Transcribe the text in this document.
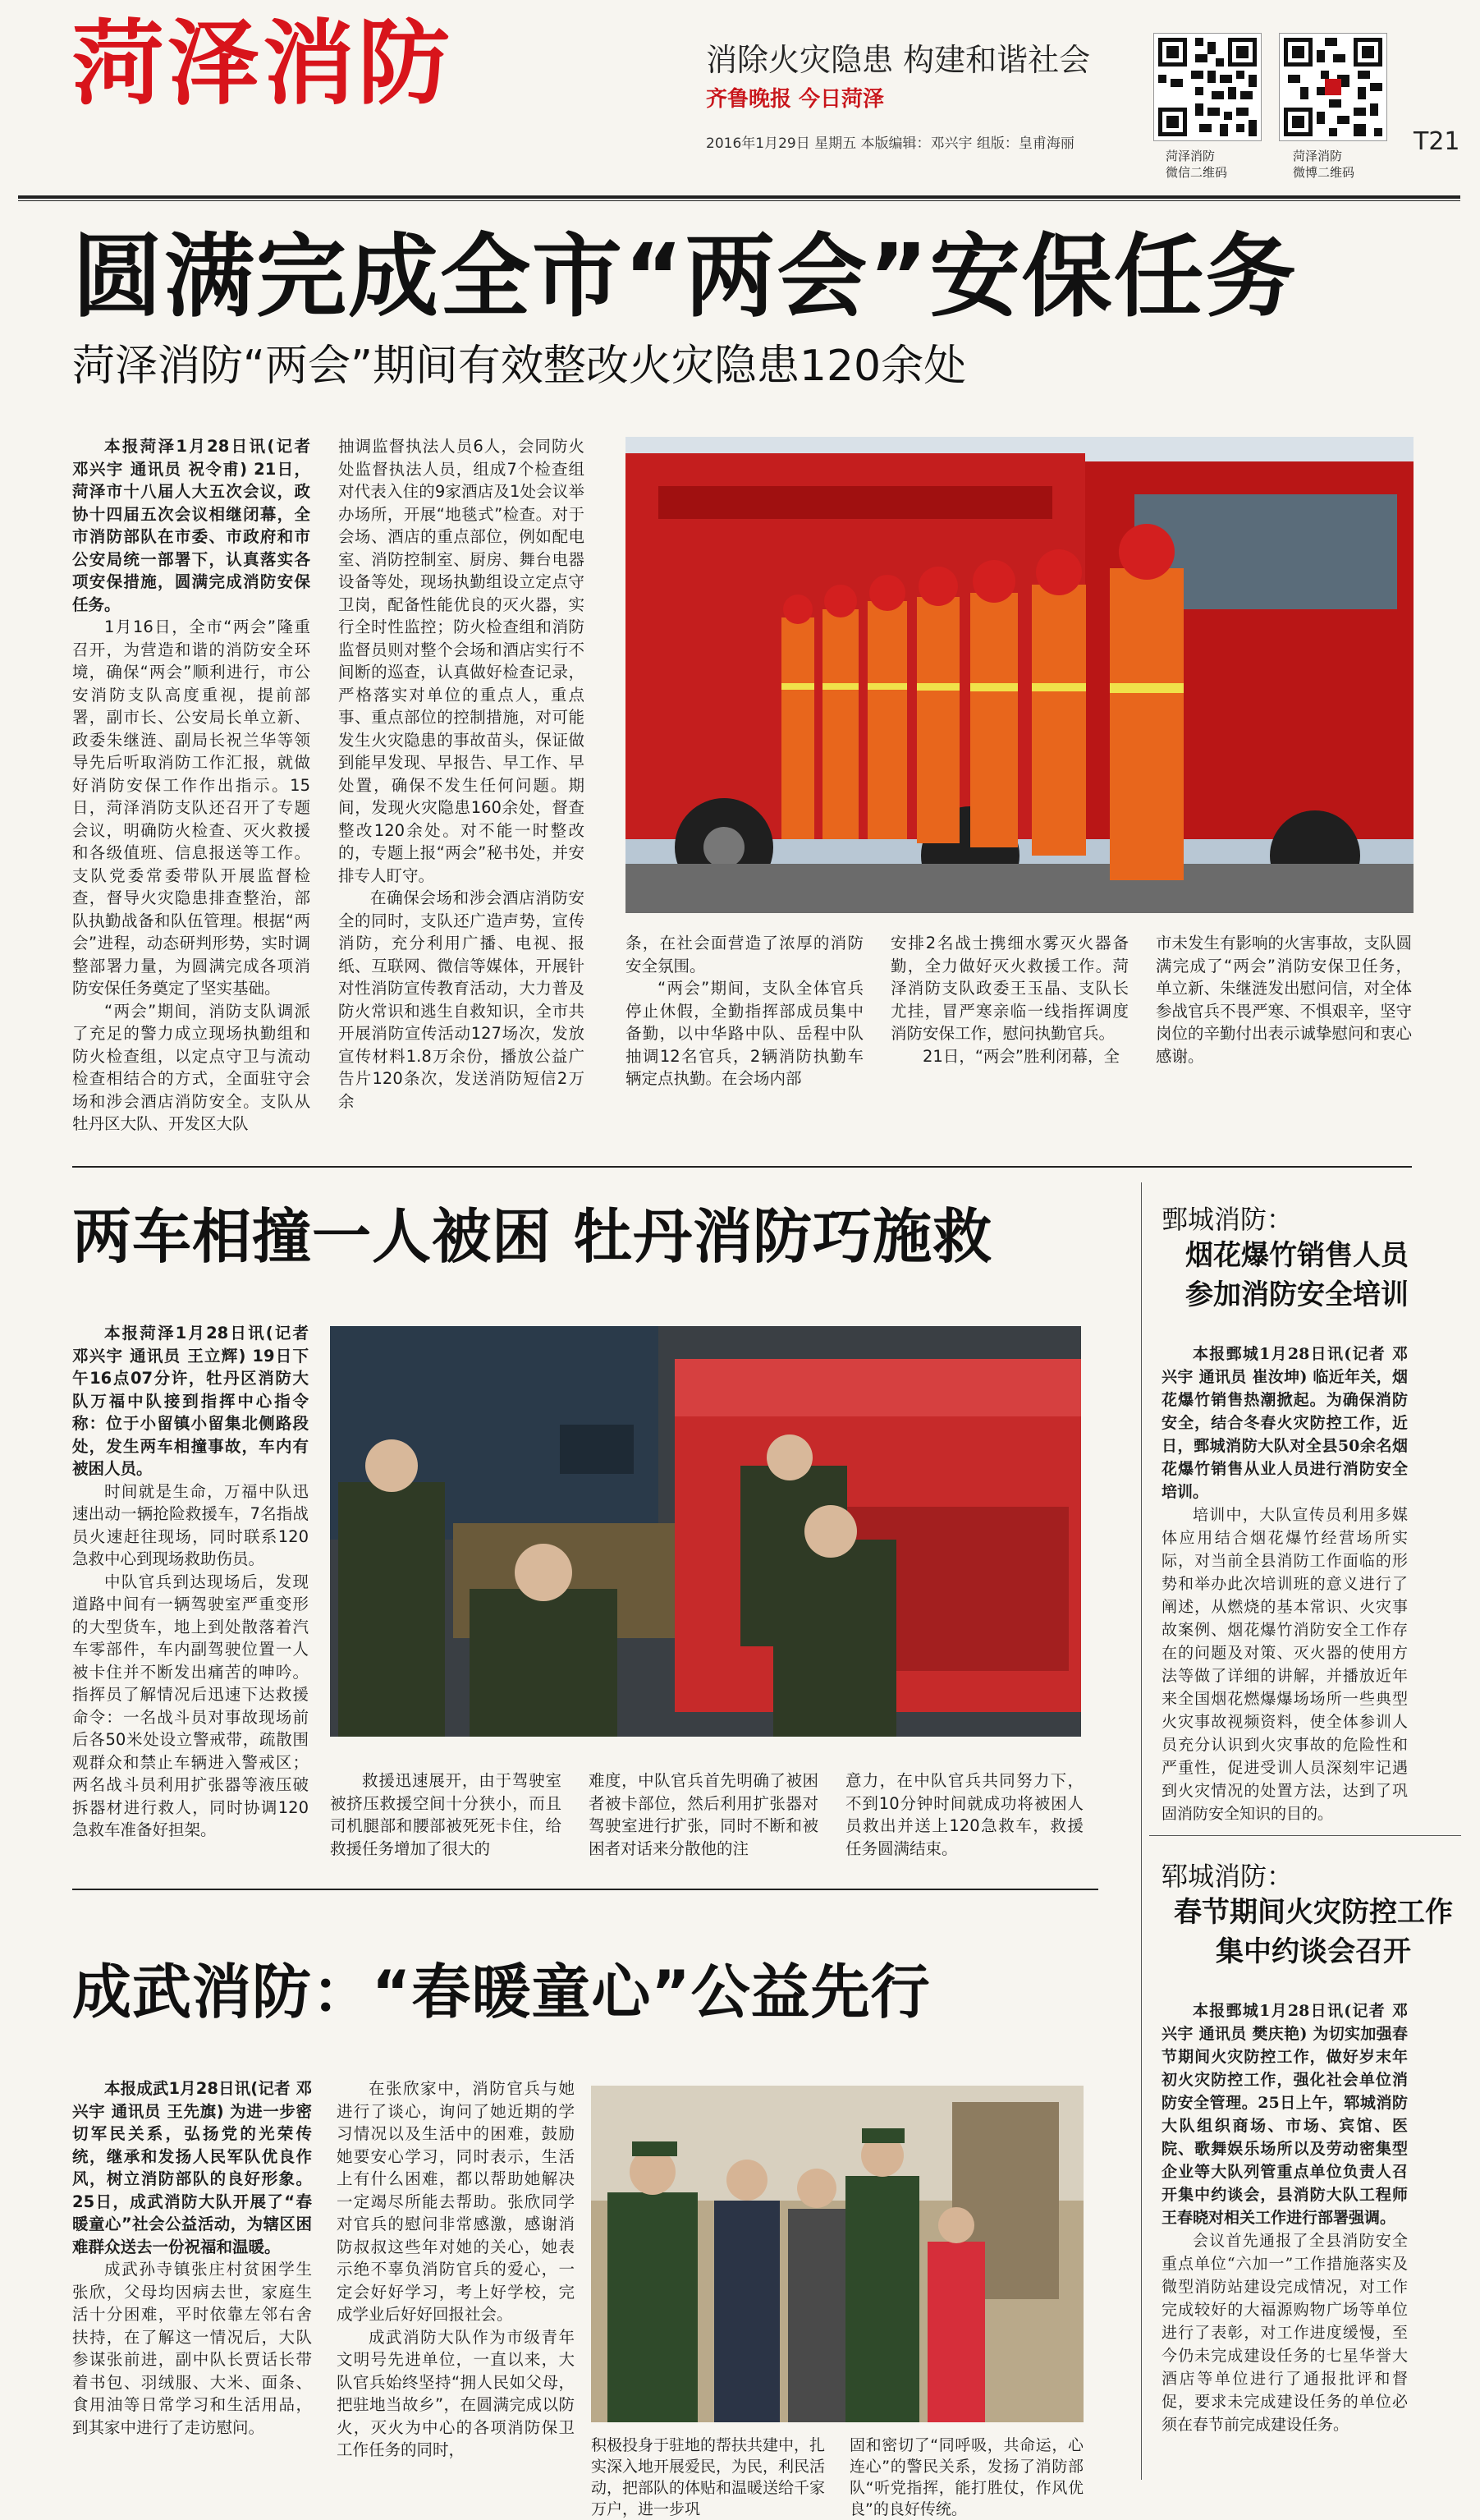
菏泽消防	消除火灾隐患 构建和谐社会
齐鲁晚报 今日菏泽
2016年1月29日 星期五 本版编辑：邓兴宇 组版：皇甫海丽
菏泽消防
微信二维码
菏泽消防
微博二维码
T21
圆满完成全市“两会”安保任务
菏泽消防“两会”期间有效整改火灾隐患120余处

本报菏泽1月28日讯(记者 邓兴宇 通讯员 祝令甫) 21日，菏泽市十八届人大五次会议，政协十四届五次会议相继闭幕，全市消防部队在市委、市政府和市公安局统一部署下，认真落实各项安保措施，圆满完成消防安保任务。

1月16日，全市“两会”隆重召开，为营造和谐的消防安全环境，确保“两会”顺利进行，市公安消防支队高度重视，提前部署，副市长、公安局长单立新、政委朱继涟、副局长祝兰华等领导先后听取消防工作汇报，就做好消防安保工作作出指示。15日，菏泽消防支队还召开了专题会议，明确防火检查、灭火救援和各级值班、信息报送等工作。支队党委常委带队开展监督检查，督导火灾隐患排查整治，部队执勤战备和队伍管理。根据“两会”进程，动态研判形势，实时调整部署力量，为圆满完成各项消防安保任务奠定了坚实基础。

“两会”期间，消防支队调派了充足的警力成立现场执勤组和防火检查组，以定点守卫与流动检查相结合的方式，全面驻守会场和涉会酒店消防安全。支队从牡丹区大队、开发区大队

抽调监督执法人员6人，会同防火处监督执法人员，组成7个检查组对代表入住的9家酒店及1处会议举办场所，开展“地毯式”检查。对于会场、酒店的重点部位，例如配电室、消防控制室、厨房、舞台电器设备等处，现场执勤组设立定点守卫岗，配备性能优良的灭火器，实行全时性监控；防火检查组和消防监督员则对整个会场和酒店实行不间断的巡查，认真做好检查记录，严格落实对单位的重点人，重点事、重点部位的控制措施，对可能发生火灾隐患的事故苗头，保证做到能早发现、早报告、早工作、早处置，确保不发生任何问题。期间，发现火灾隐患160余处，督查整改120余处。对不能一时整改的，专题上报“两会”秘书处，并安排专人盯守。

在确保会场和涉会酒店消防安全的同时，支队还广造声势，宣传消防，充分利用广播、电视、报纸、互联网、微信等媒体，开展针对性消防宣传教育活动，大力普及防火常识和逃生自救知识，全市共开展消防宣传活动127场次，发放宣传材料1.8万余份，播放公益广告片120条次，发送消防短信2万余

条，在社会面营造了浓厚的消防安全氛围。

“两会”期间，支队全体官兵停止休假，全勤指挥部成员集中备勤，以中华路中队、岳程中队抽调12名官兵，2辆消防执勤车辆定点执勤。在会场内部

安排2名战士携细水雾灭火器备勤，全力做好灭火救援工作。菏泽消防支队政委王玉晶、支队长尤挂，冒严寒亲临一线指挥调度消防安保工作，慰问执勤官兵。

21日，“两会”胜利闭幕，全

市未发生有影响的火害事故，支队圆满完成了“两会”消防安保卫任务，单立新、朱继涟发出慰问信，对全体参战官兵不畏严寒、不惧艰辛，坚守岗位的辛勤付出表示诚挚慰问和衷心感谢。

两车相撞一人被困 牡丹消防巧施救

本报菏泽1月28日讯(记者 邓兴宇 通讯员 王立辉) 19日下午16点07分许，牡丹区消防大队万福中队接到指挥中心指令称：位于小留镇小留集北侧路段处，发生两车相撞事故，车内有被困人员。

时间就是生命，万福中队迅速出动一辆抢险救援车，7名指战员火速赶往现场，同时联系120急救中心到现场救助伤员。

中队官兵到达现场后，发现道路中间有一辆驾驶室严重变形的大型货车，地上到处散落着汽车零部件，车内副驾驶位置一人被卡住并不断发出痛苦的呻吟。指挥员了解情况后迅速下达救援命令：一名战斗员对事故现场前后各50米处设立警戒带，疏散围观群众和禁止车辆进入警戒区；两名战斗员利用扩张器等液压破拆器材进行救人，同时协调120急救车准备好担架。

救援迅速展开，由于驾驶室被挤压救援空间十分狭小，而且司机腿部和腰部被死死卡住，给救援任务增加了很大的

难度，中队官兵首先明确了被困者被卡部位，然后利用扩张器对驾驶室进行扩张，同时不断和被困者对话来分散他的注

意力，在中队官兵共同努力下，不到10分钟时间就成功将被困人员救出并送上120急救车，救援任务圆满结束。

成武消防：“春暖童心”公益先行

本报成武1月28日讯(记者 邓兴宇 通讯员 王先旗) 为进一步密切军民关系，弘扬党的光荣传统，继承和发扬人民军队优良作风，树立消防部队的良好形象。25日，成武消防大队开展了“春暖童心”社会公益活动，为辖区困难群众送去一份祝福和温暖。

成武孙寺镇张庄村贫困学生张欣，父母均因病去世，家庭生活十分困难，平时依靠左邻右舍扶持，在了解这一情况后，大队参谋张前进，副中队长贾话长带着书包、羽绒服、大米、面条、食用油等日常学习和生活用品，到其家中进行了走访慰问。

在张欣家中，消防官兵与她进行了谈心，询问了她近期的学习情况以及生活中的困难，鼓励她要安心学习，同时表示，生活上有什么困难，都以帮助她解决一定竭尽所能去帮助。张欣同学对官兵的慰问非常感激，感谢消防叔叔这些年对她的关心，她表示绝不辜负消防官兵的爱心，一定会好好学习，考上好学校，完成学业后好好回报社会。

成武消防大队作为市级青年文明号先进单位，一直以来，大队官兵始终坚持“拥人民如父母，把驻地当故乡”，在圆满完成以防火，灭火为中心的各项消防保卫工作任务的同时，	积极投身于驻地的帮扶共建中，扎实深入地开展爱民，为民，利民活动，把部队的体贴和温暖送给千家万户，进一步巩

固和密切了“同呼吸，共命运，心连心”的警民关系，发扬了消防部队“听党指挥，能打胜仗，作风优良”的良好传统。

鄄城消防：
烟花爆竹销售人员
参加消防安全培训

本报鄄城1月28日讯(记者 邓兴宇 通讯员 崔汝坤) 临近年关，烟花爆竹销售热潮掀起。为确保消防安全，结合冬春火灾防控工作，近日，鄄城消防大队对全县50余名烟花爆竹销售从业人员进行消防安全培训。

培训中，大队宣传员利用多媒体应用结合烟花爆竹经营场所实际，对当前全县消防工作面临的形势和举办此次培训班的意义进行了阐述，从燃烧的基本常识、火灾事故案例、烟花爆竹消防安全工作存在的问题及对策、灭火器的使用方法等做了详细的讲解，并播放近年来全国烟花燃爆爆场场所一些典型火灾事故视频资料，使全体参训人员充分认识到火灾事故的危险性和严重性，促进受训人员深刻牢记遇到火灾情况的处置方法，达到了巩固消防安全知识的目的。

郓城消防：
春节期间火灾防控工作
集中约谈会召开

本报鄄城1月28日讯(记者 邓兴宇 通讯员 樊庆艳) 为切实加强春节期间火灾防控工作，做好岁末年初火灾防控工作，强化社会单位消防安全管理。25日上午，郓城消防大队组织商场、市场、宾馆、医院、歌舞娱乐场所以及劳动密集型企业等大队列管重点单位负责人召开集中约谈会，县消防大队工程师王春晓对相关工作进行部署强调。

会议首先通报了全县消防安全重点单位“六加一”工作措施落实及微型消防站建设完成情况，对工作完成较好的大福源购物广场等单位进行了表彰，对工作进度缓慢，至今仍未完成建设任务的七星华誉大酒店等单位进行了通报批评和督促，要求未完成建设任务的单位必须在春节前完成建设任务。
